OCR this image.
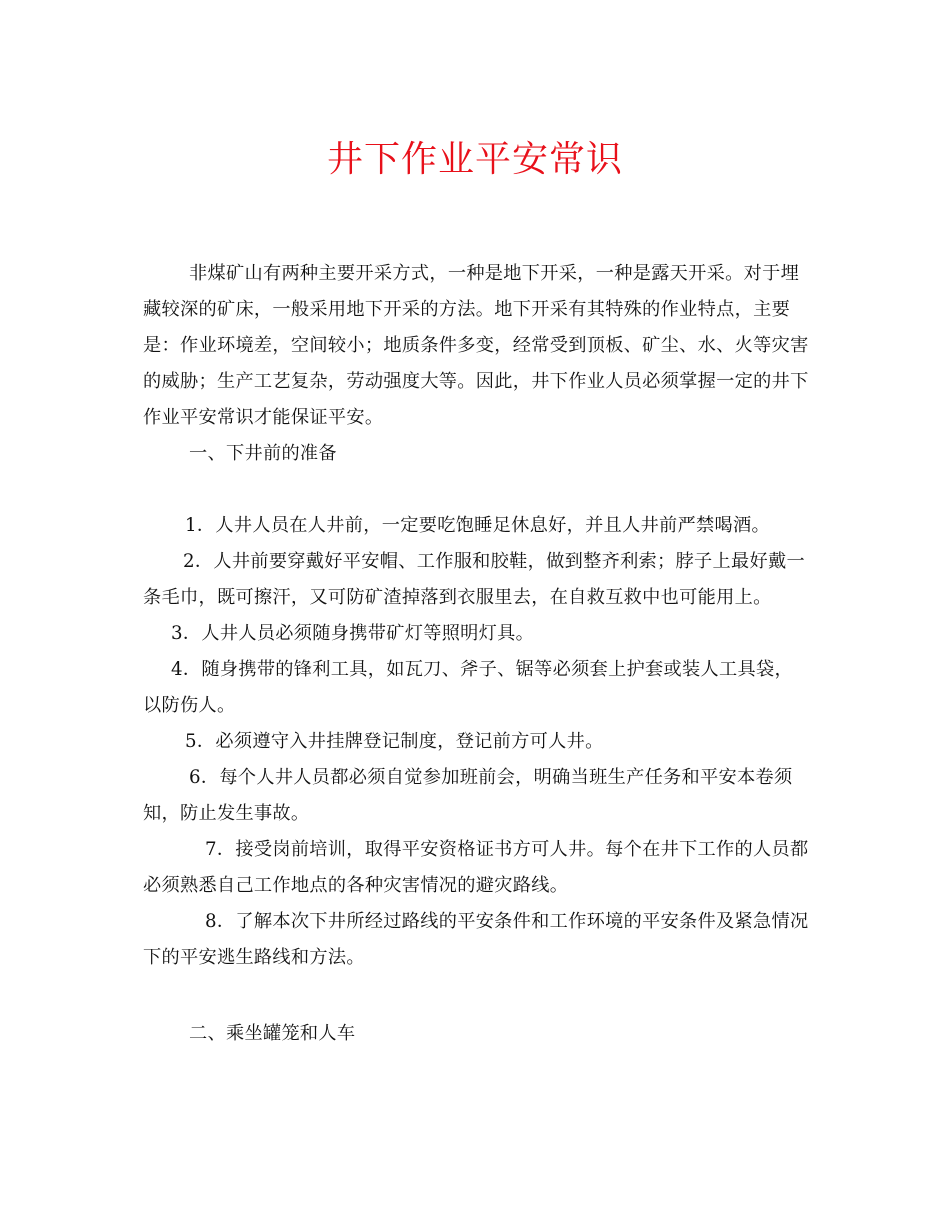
井下作业平安常识

非煤矿山有两种主要开采方式，一种是地下开采，一种是露天开采。对于埋藏较深的矿床，一般采用地下开采的方法。地下开采有其特殊的作业特点，主要是：作业环境差，空间较小；地质条件多变，经常受到顶板、矿尘、水、火等灾害的威胁；生产工艺复杂，劳动强度大等。因此，井下作业人员必须掌握一定的井下作业平安常识才能保证平安。

一、下井前的准备

1．人井人员在人井前，一定要吃饱睡足休息好，并且人井前严禁喝酒。

2．人井前要穿戴好平安帽、工作服和胶鞋，做到整齐利索；脖子上最好戴一条毛巾，既可擦汗，又可防矿渣掉落到衣服里去，在自救互救中也可能用上。

3．人井人员必须随身携带矿灯等照明灯具。

4．随身携带的锋利工具，如瓦刀、斧子、锯等必须套上护套或装人工具袋，以防伤人。

5．必须遵守入井挂牌登记制度，登记前方可人井。

6．每个人井人员都必须自觉参加班前会，明确当班生产任务和平安本卷须知，防止发生事故。

7．接受岗前培训，取得平安资格证书方可人井。每个在井下工作的人员都必须熟悉自己工作地点的各种灾害情况的避灾路线。

8．了解本次下井所经过路线的平安条件和工作环境的平安条件及紧急情况下的平安逃生路线和方法。

二、乘坐罐笼和人车
